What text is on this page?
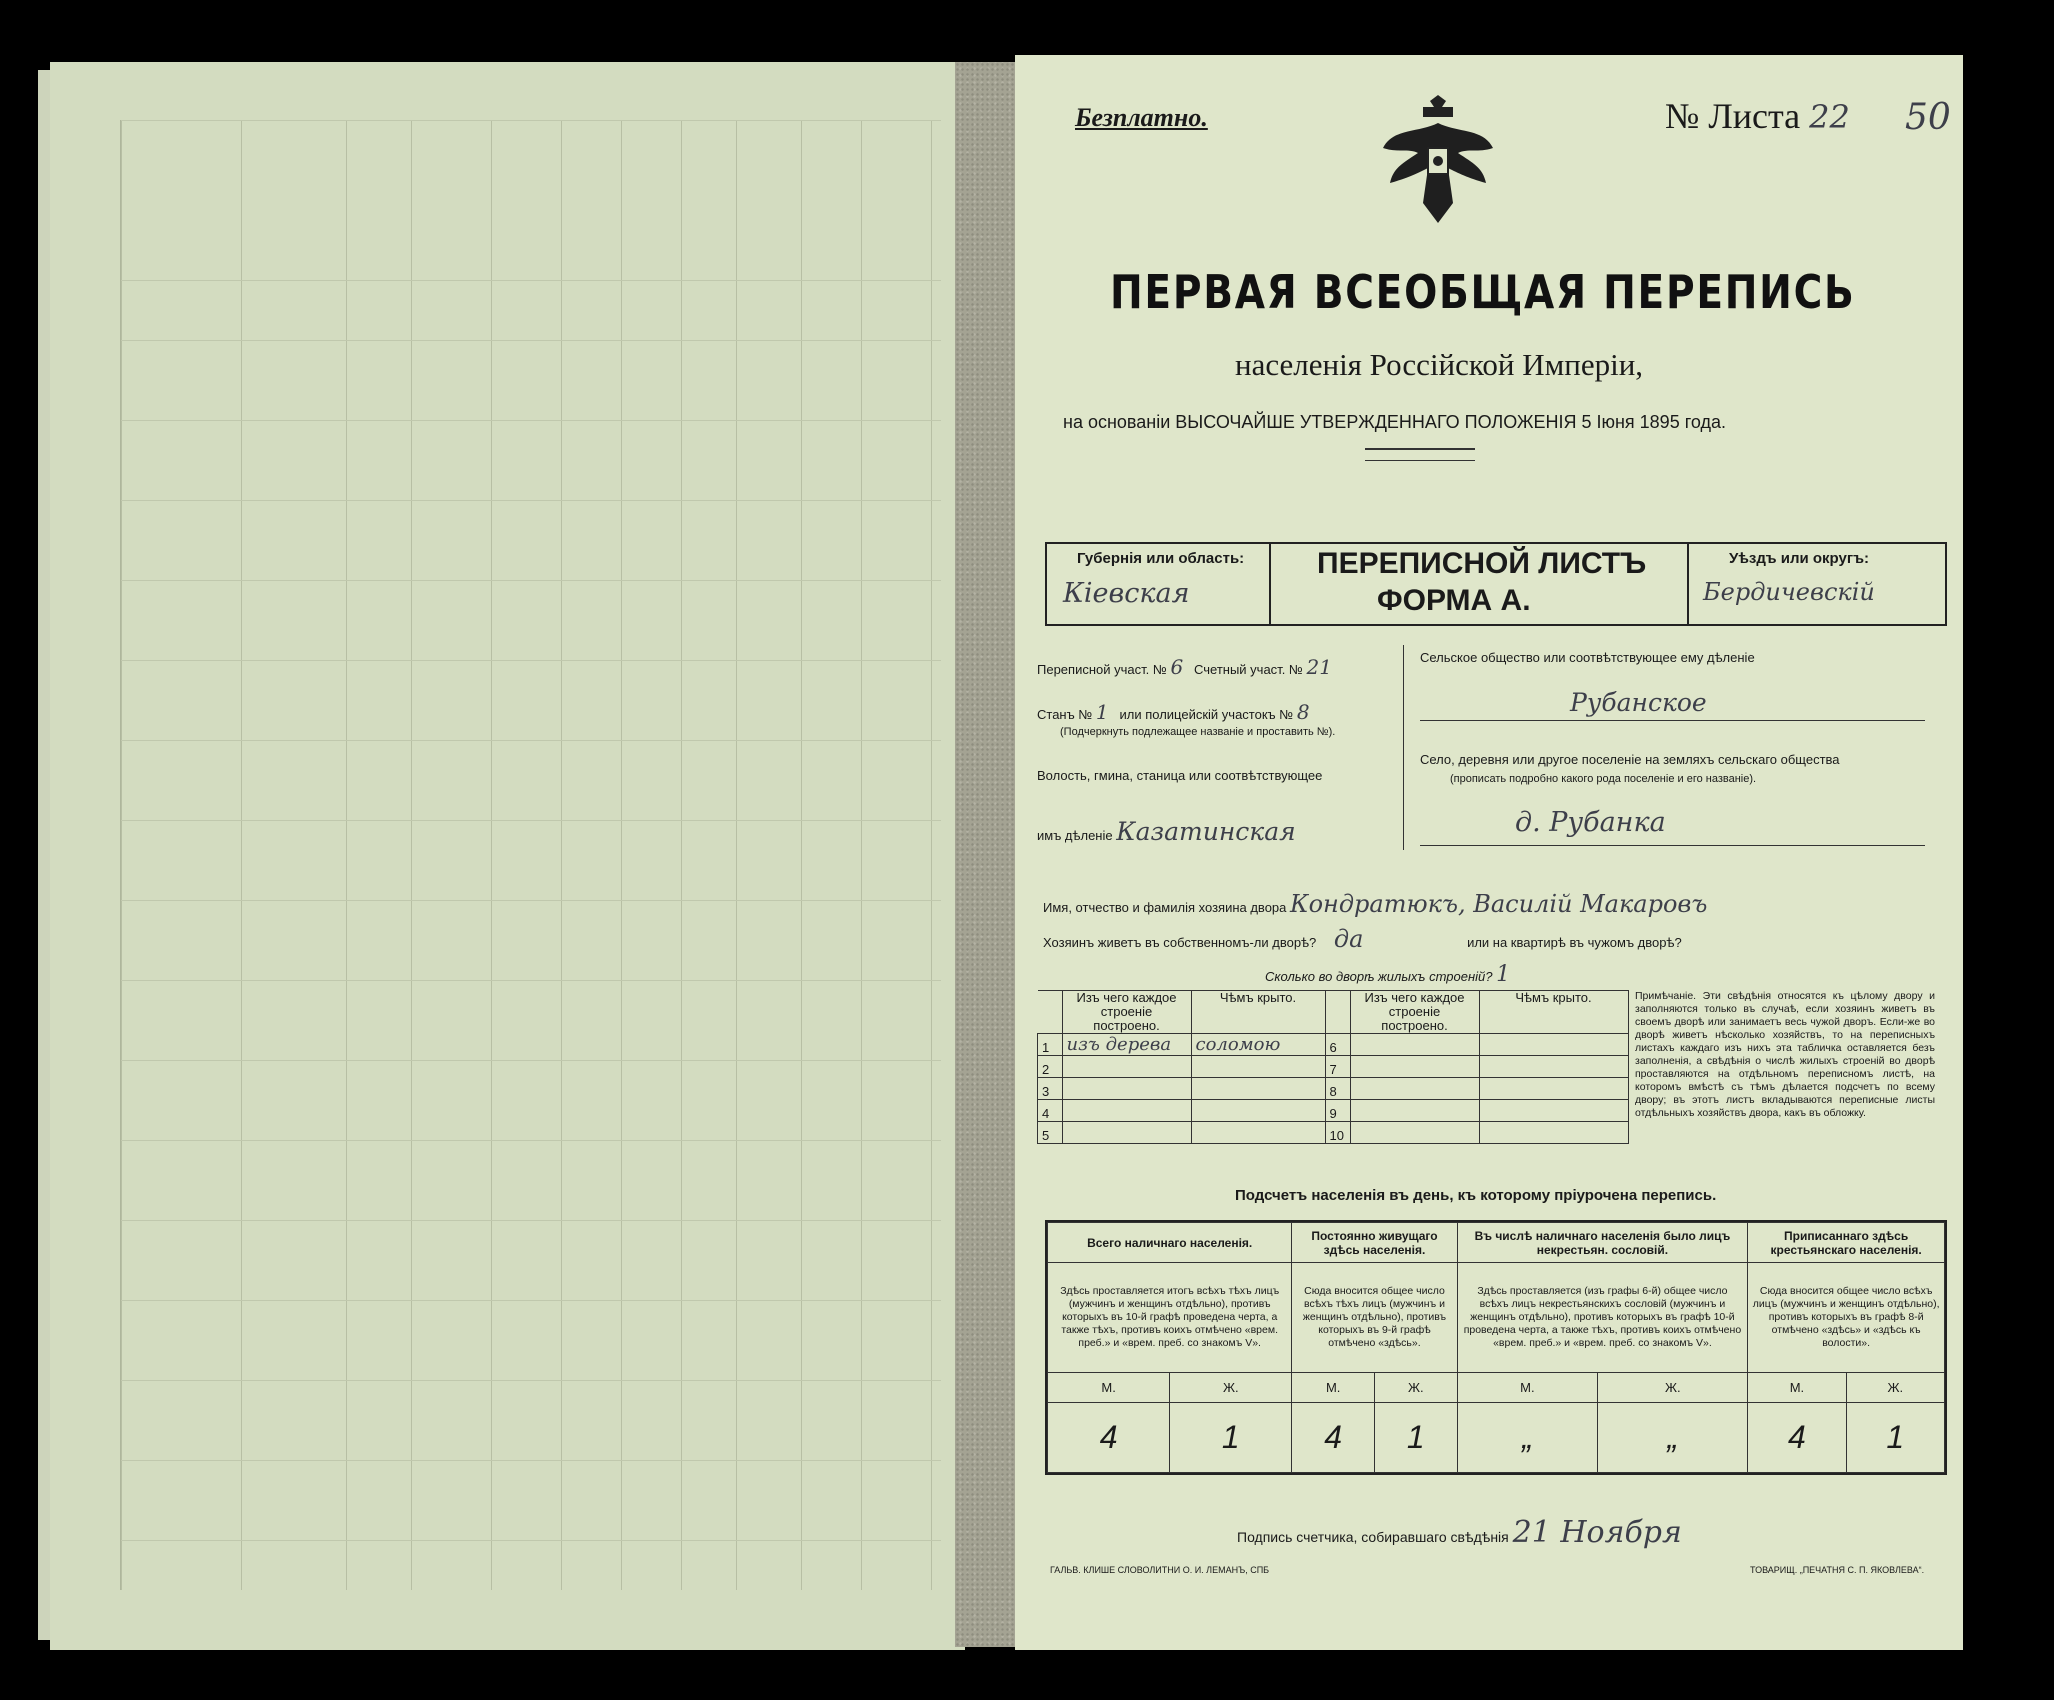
Безплатно.	№ Листа 22 50
ПЕРВАЯ ВСЕОБЩАЯ ПЕРЕПИСЬ
населенія Россійской Имперіи,
на основаніи ВЫСОЧАЙШЕ УТВЕРЖДЕННАГО ПОЛОЖЕНІЯ 5 Іюня 1895 года.
Губернія или область:
Кіевская
ПЕРЕПИСНОЙ ЛИСТЪ
ФОРМА А.
Уѣздъ или округъ:
Бердичевскій
Переписной участ. № 6 Счетный участ. № 21
Станъ № 1 или полицейскій участокъ № 8
(Подчеркнуть подлежащее названіе и проставить №).
Волость, гмина, станица или соотвѣтствующее
имъ дѣленіе Казатинская
Сельское общество или соотвѣтствующее ему дѣленіе
Рубанское
Село, деревня или другое поселеніе на земляхъ сельскаго общества
(прописать подробно какого рода поселеніе и его названіе).
д. Рубанка
Имя, отчество и фамилія хозяина двора Кондратюкъ, Василій Макаровъ
Хозяинъ живетъ въ собственномъ-ли дворѣ? да	или на квартирѣ въ чужомъ дворѣ?
Сколько во дворѣ жилыхъ строеній? 1
	Изъ чего каждое строеніе построено.	Чѣмъ крыто.		Изъ чего каждое строеніе построено.	Чѣмъ крыто.
1	изъ дерева	соломою	6		
2			7		
3			8		
4			9		
5			10		
Примѣчаніе. Эти свѣдѣнія относятся къ цѣлому двору и заполняются только въ случаѣ, если хозяинъ живетъ въ своемъ дворѣ или занимаетъ весь чужой дворъ. Если-же во дворѣ живетъ нѣсколько хозяйствъ, то на переписныхъ листахъ каждаго изъ нихъ эта табличка оставляется безъ заполненія, а свѣдѣнія о числѣ жилыхъ строеній во дворѣ проставляются на отдѣльномъ переписномъ листѣ, на которомъ вмѣстѣ съ тѣмъ дѣлается подсчетъ по всему двору; въ этотъ листъ вкладываются переписные листы отдѣльныхъ хозяйствъ двора, какъ въ обложку.
Подсчетъ населенія въ день, къ которому пріурочена перепись.
Всего наличнаго населенія.		Постоянно живущаго здѣсь населенія.		Въ числѣ наличнаго населенія было лицъ некрестьян. сословій.		Приписаннаго здѣсь крестьянскаго населенія.	
Здѣсь проставляется итогъ всѣхъ тѣхъ лицъ (мужчинъ и женщинъ отдѣльно), противъ которыхъ въ 10-й графѣ проведена черта, а также тѣхъ, противъ коихъ отмѣчено «врем. преб.» и «врем. преб. со знакомъ V».		Сюда вносится общее число всѣхъ тѣхъ лицъ (мужчинъ и женщинъ отдѣльно), противъ которыхъ въ 9-й графѣ отмѣчено «здѣсь».		Здѣсь проставляется (изъ графы 6-й) общее число всѣхъ лицъ некрестьянскихъ сословій (мужчинъ и женщинъ отдѣльно), противъ которыхъ въ графѣ 10-й проведена черта, а также тѣхъ, противъ коихъ отмѣчено «врем. преб.» и «врем. преб. со знакомъ V».		Сюда вносится общее число всѣхъ лицъ (мужчинъ и женщинъ отдѣльно), противъ которыхъ въ графѣ 8-й отмѣчено «здѣсь» и «здѣсь къ волости».	
М.	Ж.	М.	Ж.	М.	Ж.	М.	Ж.
4	1	4	1	„	„	4	1
Подпись счетчика, собиравшаго свѣдѣнія 21 Ноября
ГАЛЬВ. КЛИШЕ СЛОВОЛИТНИ О. И. ЛЕМАНЪ, СПБ	ТОВАРИЩ. „ПЕЧАТНЯ С. П. ЯКОВЛЕВА“.
